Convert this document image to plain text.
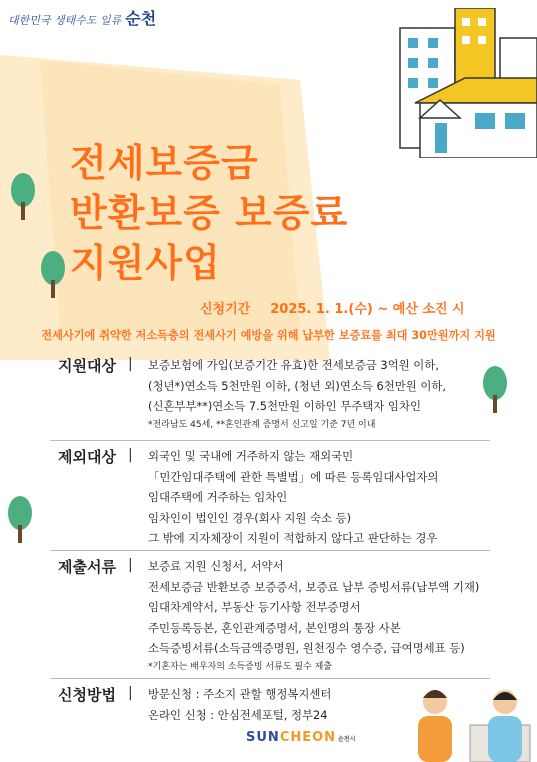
대한민국 생태수도 일류 순천
전세보증금
반환보증 보증료
지원사업
신청기간 2025. 1. 1.(수) ~ 예산 소진 시
전세사기에 취약한 저소득층의 전세사기 예방을 위해 납부한 보증료를 최대 30만원까지 지원
지원대상 | 보증보험에 가입(보증기간 유효)한 전세보증금 3억원 이하,
(청년*)연소득 5천만원 이하, (청년 외)연소득 6천만원 이하,
(신혼부부**)연소득 7.5천만원 이하인 무주택자 임차인
*전라남도 45세, **혼인관계 증명서 신고일 기준 7년 이내
제외대상 | 외국인 및 국내에 거주하지 않는 재외국민
「민간임대주택에 관한 특별법」에 따른 등록임대사업자의
임대주택에 거주하는 임차인
임차인이 법인인 경우(회사 지원 숙소 등)
그 밖에 지자체장이 지원이 적합하지 않다고 판단하는 경우
제출서류 | 보증료 지원 신청서, 서약서
전세보증금 반환보증 보증증서, 보증료 납부 증빙서류(납부액 기재)
임대차계약서, 부동산 등기사항 전부증명서
주민등록등본, 혼인관계증명서, 본인명의 통장 사본
소득증빙서류(소득금액증명원, 원천징수 영수증, 급여명세표 등)
*기혼자는 배우자의 소득증빙 서류도 필수 제출
신청방법 | 방문신청 : 주소지 관할 행정복지센터
온라인 신청 : 안심전세포털, 정부24
SUNCHEON 순천시
